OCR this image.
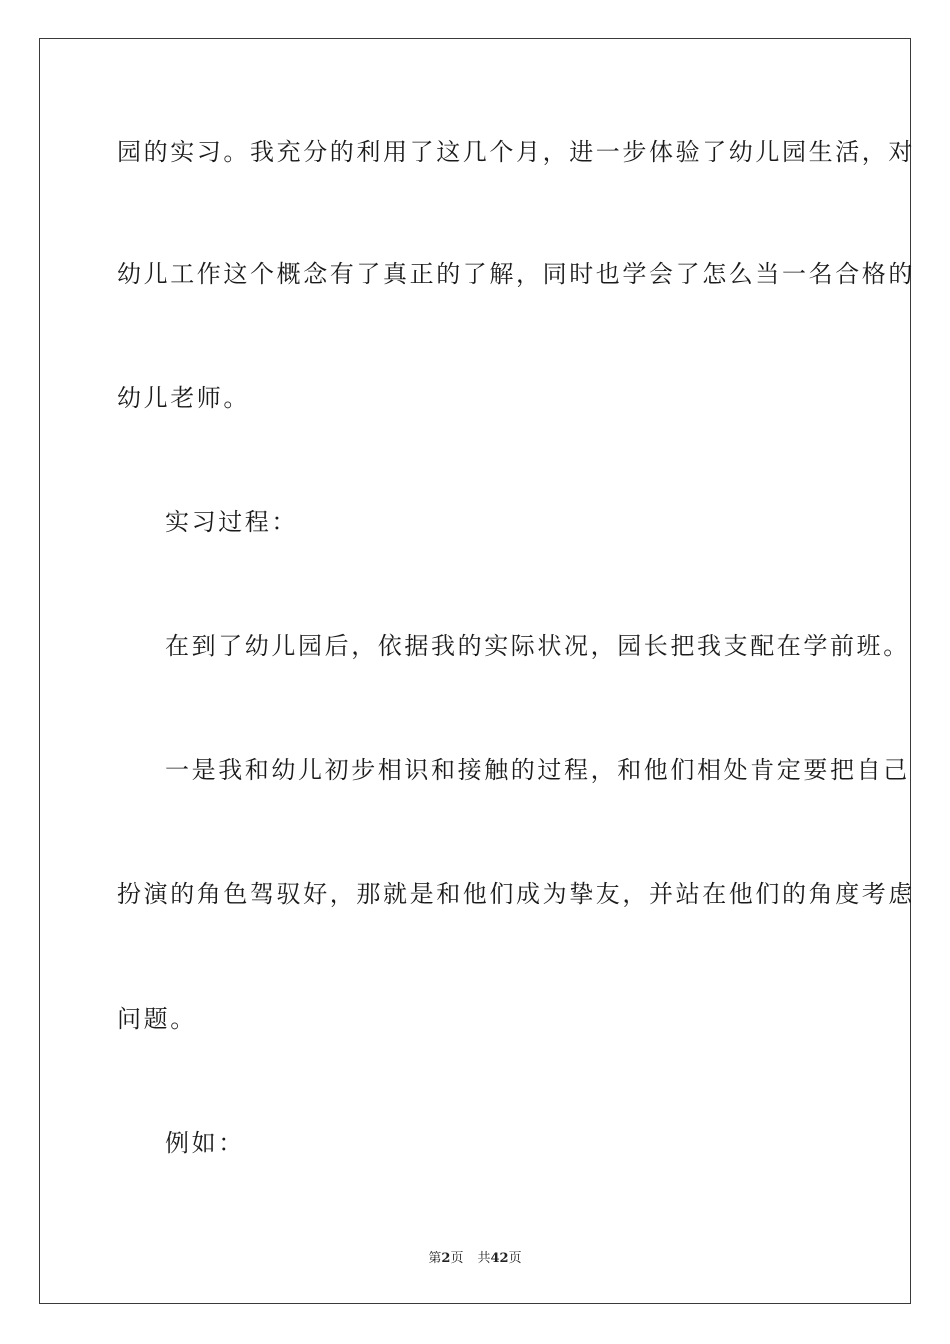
园的实习。我充分的利用了这几个月，进一步体验了幼儿园生活，对
幼儿工作这个概念有了真正的了解，同时也学会了怎么当一名合格的
幼儿老师。
实习过程：
在到了幼儿园后，依据我的实际状况，园长把我支配在学前班。
一是我和幼儿初步相识和接触的过程，和他们相处肯定要把自己
扮演的角色驾驭好，那就是和他们成为挚友，并站在他们的角度考虑
问题。
例如：
第2页 共42页
